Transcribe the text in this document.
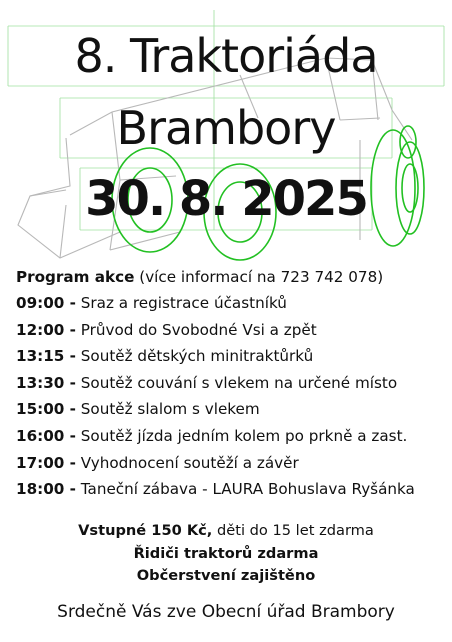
8. Traktoriáda
Brambory
30. 8. 2025
Program akce (více informací na 723 742 078)
09:00 - Sraz a registrace účastníků
12:00 - Průvod do Svobodné Vsi a zpět
13:15 - Soutěž dětských minitraktůrků
13:30 - Soutěž couvání s vlekem na určené místo
15:00 - Soutěž slalom s vlekem
16:00 - Soutěž jízda jedním kolem po prkně a zast.
17:00 - Vyhodnocení soutěží a závěr
18:00 - Taneční zábava - LAURA Bohuslava Ryšánka
Vstupné 150 Kč, děti do 15 let zdarma
Řidiči traktorů zdarma
Občerstvení zajištěno
Srdečně Vás zve Obecní úřad Brambory
